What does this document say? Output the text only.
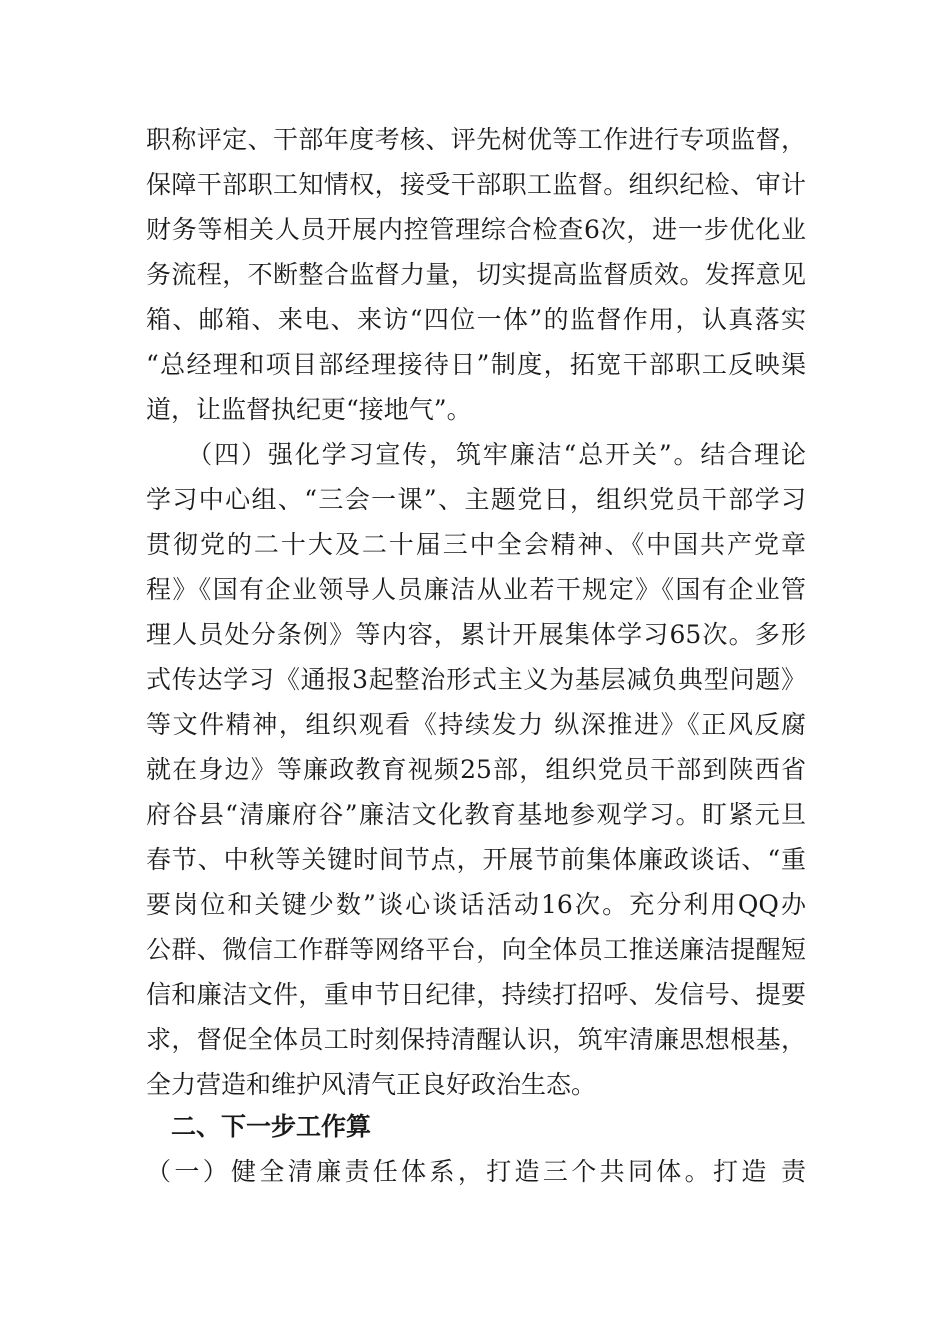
职称评定、干部年度考核、评先树优等工作进行专项监督，
保障干部职工知情权，接受干部职工监督。组织纪检、审计
财务等相关人员开展内控管理综合检查6次，进一步优化业
务流程，不断整合监督力量，切实提高监督质效。发挥意见
箱、邮箱、来电、来访“四位一体”的监督作用，认真落实
“总经理和项目部经理接待日”制度，拓宽干部职工反映渠
道，让监督执纪更“接地气”。
　　（四）强化学习宣传，筑牢廉洁“总开关”。结合理论
学习中心组、“三会一课”、主题党日，组织党员干部学习
贯彻党的二十大及二十届三中全会精神、《中国共产党章
程》《国有企业领导人员廉洁从业若干规定》《国有企业管
理人员处分条例》等内容，累计开展集体学习65次。多形
式传达学习《通报3起整治形式主义为基层减负典型问题》
等文件精神，组织观看《持续发力 纵深推进》《正风反腐
就在身边》等廉政教育视频25部，组织党员干部到陕西省
府谷县“清廉府谷”廉洁文化教育基地参观学习。盯紧元旦
春节、中秋等关键时间节点，开展节前集体廉政谈话、“重
要岗位和关键少数”谈心谈话活动16次。充分利用QQ办
公群、微信工作群等网络平台，向全体员工推送廉洁提醒短
信和廉洁文件，重申节日纪律，持续打招呼、发信号、提要
求，督促全体员工时刻保持清醒认识，筑牢清廉思想根基，
全力营造和维护风清气正良好政治生态。
　二、下一步工作算
（一）健全清廉责任体系，打造三个共同体。打造 责
